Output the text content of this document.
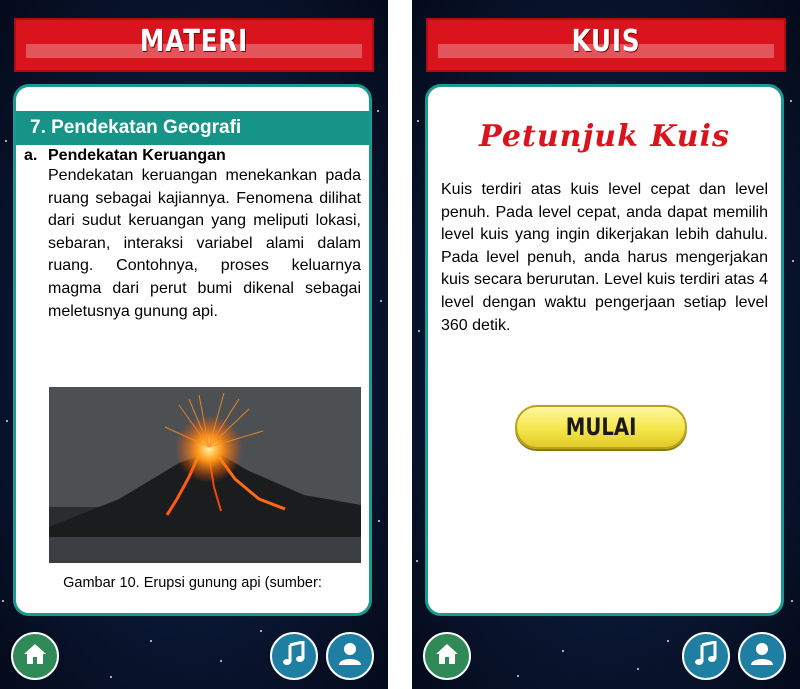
MATERI
7. Pendekatan Geografi
a. Pendekatan Keruangan
Pendekatan keruangan menekankan pada ruang sebagai kajiannya. Fenomena dilihat dari sudut keruangan yang meliputi lokasi, sebaran, interaksi variabel alami dalam ruang. Contohnya, proses keluarnya magma dari perut bumi dikenal sebagai meletusnya gunung api.
Gambar 10. Erupsi gunung api (sumber:
KUIS
Petunjuk Kuis
Kuis terdiri atas kuis level cepat dan level penuh. Pada level cepat, anda dapat memilih level kuis yang ingin dikerjakan lebih dahulu. Pada level penuh, anda harus mengerjakan kuis secara berurutan. Level kuis terdiri atas 4 level dengan waktu pengerjaan setiap level 360 detik.
MULAI
